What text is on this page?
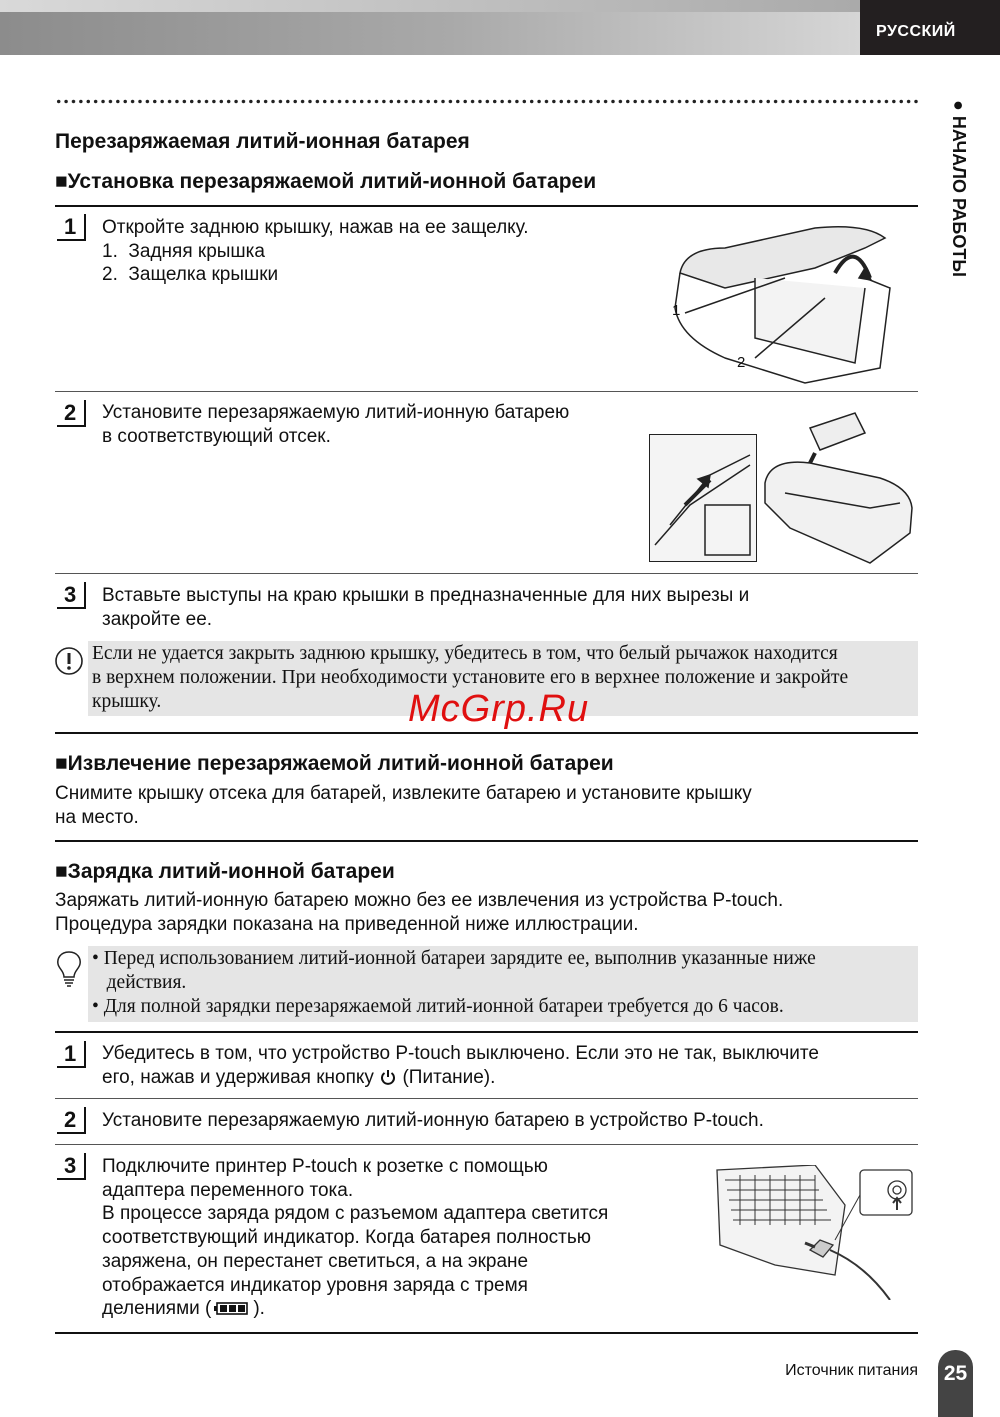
РУССКИЙ
● НАЧАЛО РАБОТЫ
Перезаряжаемая литий-ионная батарея
■Установка перезаряжаемой литий-ионной батареи
1	Откройте заднюю крышку, нажав на ее защелку.
1.  Задняя крышка
2.  Защелка крышки
1
2
2	Установите перезаряжаемую литий-ионную батарею
в соответствующий отсек.
3	Вставьте выступы на краю крышки в предназначенные для них вырезы и
закройте ее.
Если не удается закрыть заднюю крышку, убедитесь в том, что белый рычажок находится
в верхнем положении. При необходимости установите его в верхнее положение и закройте
крышку.	McGrp.Ru
■Извлечение перезаряжаемой литий-ионной батареи
Снимите крышку отсека для батарей, извлеките батарею и установите крышку
на место.
■Зарядка литий-ионной батареи
Заряжать литий-ионную батарею можно без ее извлечения из устройства P-touch.
Процедура зарядки показана на приведенной ниже иллюстрации.
• Перед использованием литий-ионной батареи зарядите ее, выполнив указанные ниже
действия.
• Для полной зарядки перезаряжаемой литий-ионной батареи требуется до 6 часов.
1	Убедитесь в том, что устройство P-touch выключено. Если это не так, выключите
его, нажав и удерживая кнопку
(Питание).
2	Установите перезаряжаемую литий-ионную батарею в устройство P-touch.
3	Подключите принтер P-touch к розетке с помощью
адаптера переменного тока.
В процессе заряда рядом с разъемом адаптера светится
соответствующий индикатор. Когда батарея полностью
заряжена, он перестанет светиться, а на экране
отображается индикатор уровня заряда с тремя
делениями ( ).
Источник питания 25
